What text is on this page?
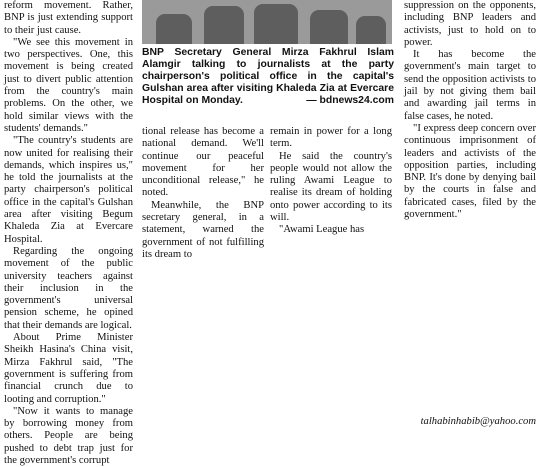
reform movement. Rather, BNP is just extending support to their just cause.

"We see this movement in two perspectives. One, this movement is being created just to divert public attention from the country's main problems. On the other, we hold similar views with the students' demands."

"The country's students are now united for realising their demands, which inspires us," he told the journalists at the party chairperson's political office in the capital's Gulshan area after visiting Begum Khaleda Zia at Evercare Hospital.

Regarding the ongoing movement of the public university teachers against their inclusion in the government's universal pension scheme, he opined that their demands are logical.

About Prime Minister Sheikh Hasina's China visit, Mirza Fakhrul said, "The government is suffering from financial crunch due to looting and corruption."

"Now it wants to manage by borrowing money from others. People are being pushed to debt trap just for the government's corrupt

BNP Secretary General Mirza Fakhrul Islam Alamgir talking to journalists at the party chairperson's political office in the capital's Gulshan area after visiting Khaleda Zia at Evercare Hospital on Monday.	— bdnews24.com

tional release has become a national demand. We'll continue our peaceful movement for her unconditional release," he noted.

Meanwhile, the BNP secretary general, in a statement, warned the government of not fulfilling its dream to

remain in power for a long term.

He said the country's people would not allow the ruling Awami League to realise its dream of holding onto power according to its will.

"Awami League has

suppression on the opponents, including BNP leaders and activists, just to hold on to power.

It has become the government's main target to send the opposition activists to jail by not giving them bail and awarding jail terms in false cases, he noted.

"I express deep concern over continuous imprisonment of leaders and activists of the opposition parties, including BNP. It's done by denying bail by the courts in false and fabricated cases, filed by the government."

talhabinhabib@yahoo.com
